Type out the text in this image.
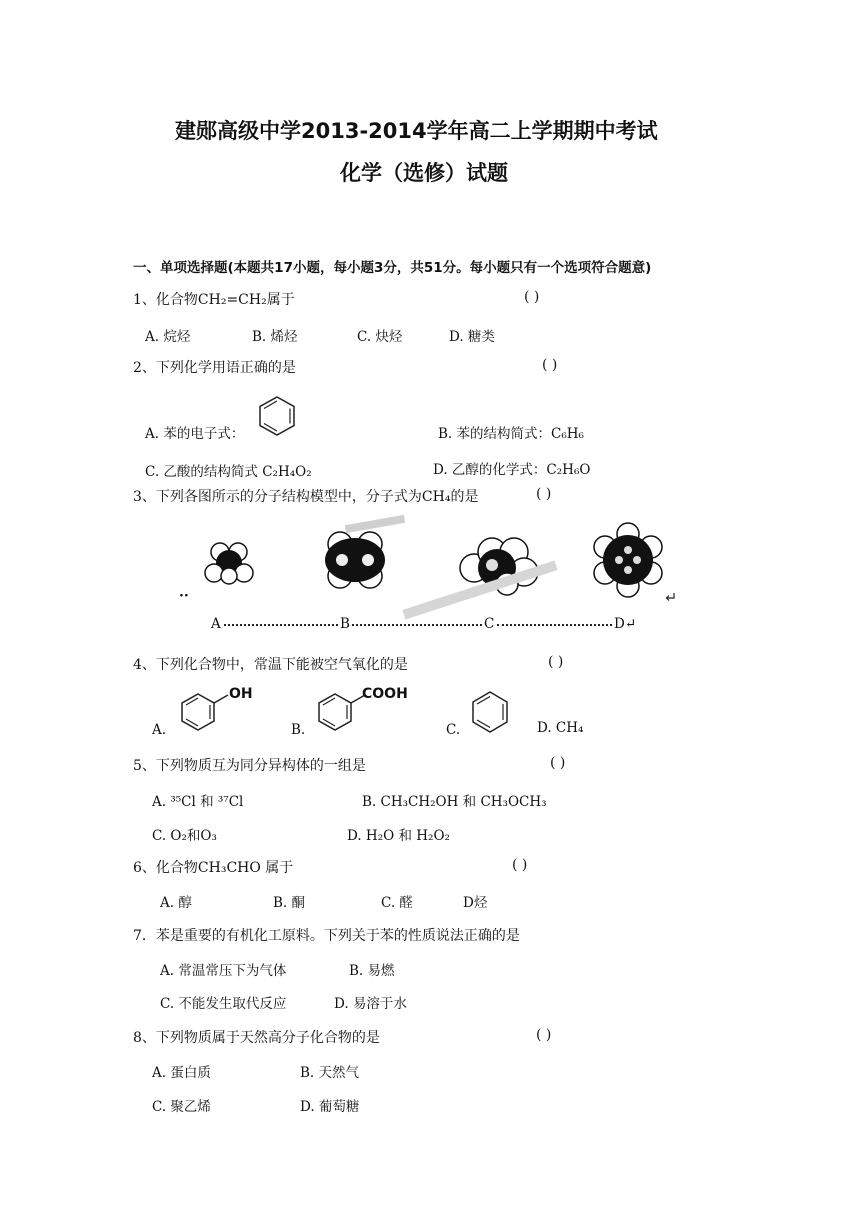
建郧高级中学2013-2014学年高二上学期期中考试
化学（选修）试题
一、单项选择题(本题共17小题，每小题3分，共51分。每小题只有一个选项符合题意)
1、化合物CH₂=CH₂属于	( )
A. 烷烃	B. 烯烃	C. 炔烃	D. 糖类
2、下列化学用语正确的是	( )
A. 苯的电子式：	B. 苯的结构简式：C₆H₆
C. 乙酸的结构简式 C₂H₄O₂	D. 乙醇的化学式：C₂H₆O
3、下列各图所示的分子结构模型中，分子式为CH₄的是	( )
··
A	B	C	D↵
4、下列化合物中，常温下能被空气氧化的是	( )
A.
OH
B.
COOH
C.	D. CH₄
5、下列物质互为同分异构体的一组是	( )
A. ³⁵Cl 和 ³⁷Cl	B. CH₃CH₂OH 和 CH₃OCH₃
C. O₂和O₃	D. H₂O 和 H₂O₂
6、化合物CH₃CHO 属于	( )
A. 醇	B. 酮	C. 醛	D烃
7．苯是重要的有机化工原料。下列关于苯的性质说法正确的是
A. 常温常压下为气体	B. 易燃
C. 不能发生取代反应	D. 易溶于水
8、下列物质属于天然高分子化合物的是	( )
A. 蛋白质	B. 天然气
C. 聚乙烯	D. 葡萄糖
